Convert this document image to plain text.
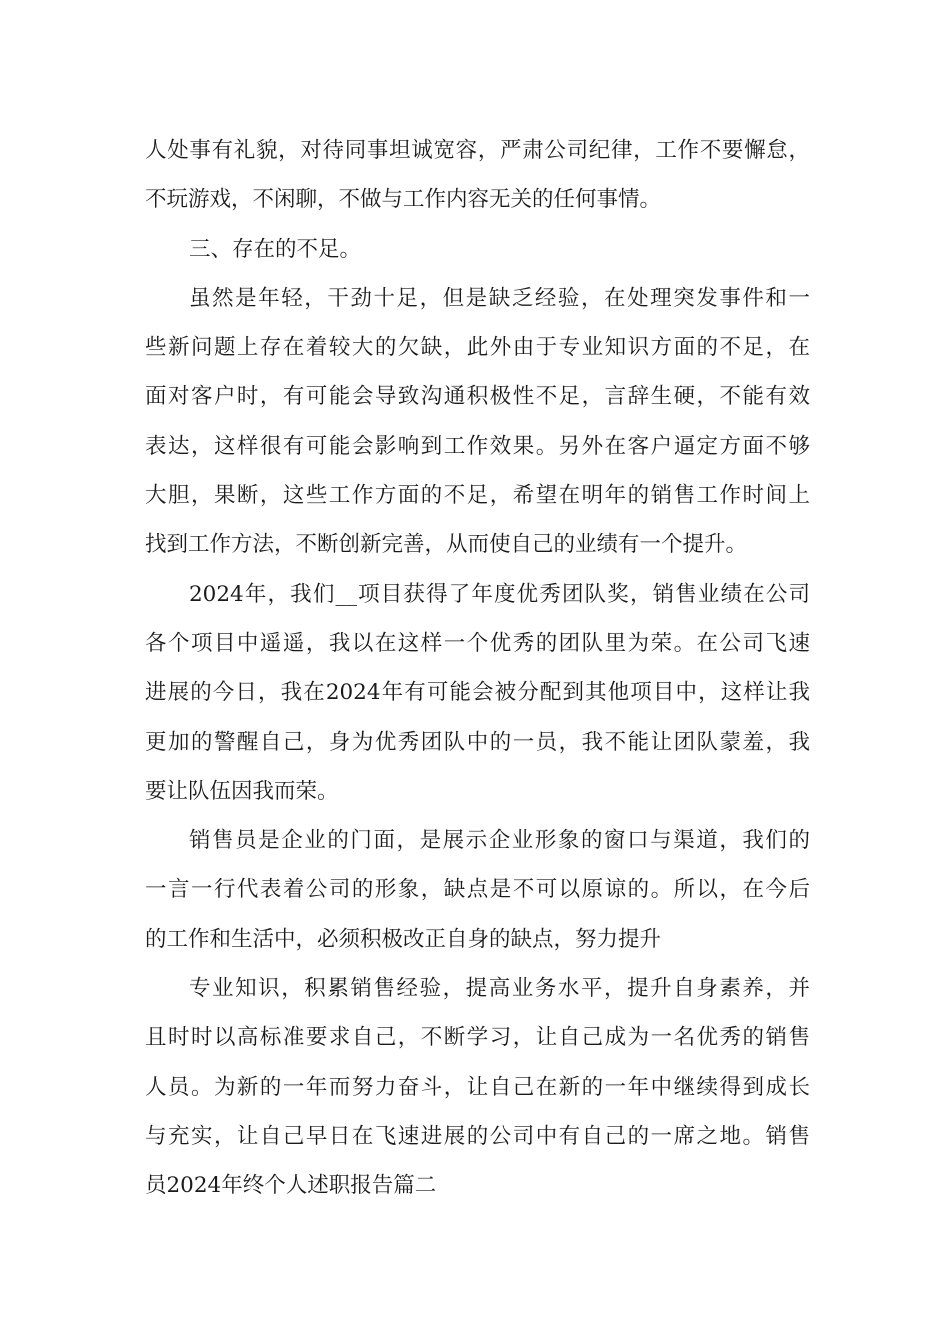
人处事有礼貌，对待同事坦诚宽容，严肃公司纪律，工作不要懈怠，
不玩游戏，不闲聊，不做与工作内容无关的任何事情。
三、存在的不足。
虽然是年轻，干劲十足，但是缺乏经验，在处理突发事件和一
些新问题上存在着较大的欠缺，此外由于专业知识方面的不足，在
面对客户时，有可能会导致沟通积极性不足，言辞生硬，不能有效
表达，这样很有可能会影响到工作效果。另外在客户逼定方面不够
大胆，果断，这些工作方面的不足，希望在明年的销售工作时间上
找到工作方法，不断创新完善，从而使自己的业绩有一个提升。
2024年，我们__项目获得了年度优秀团队奖，销售业绩在公司
各个项目中遥遥，我以在这样一个优秀的团队里为荣。在公司飞速
进展的今日，我在2024年有可能会被分配到其他项目中，这样让我
更加的警醒自己，身为优秀团队中的一员，我不能让团队蒙羞，我
要让队伍因我而荣。
销售员是企业的门面，是展示企业形象的窗口与渠道，我们的
一言一行代表着公司的形象，缺点是不可以原谅的。所以，在今后
的工作和生活中，必须积极改正自身的缺点，努力提升
专业知识，积累销售经验，提高业务水平，提升自身素养，并
且时时以高标准要求自己，不断学习，让自己成为一名优秀的销售
人员。为新的一年而努力奋斗，让自己在新的一年中继续得到成长
与充实，让自己早日在飞速进展的公司中有自己的一席之地。销售
员2024年终个人述职报告篇二
